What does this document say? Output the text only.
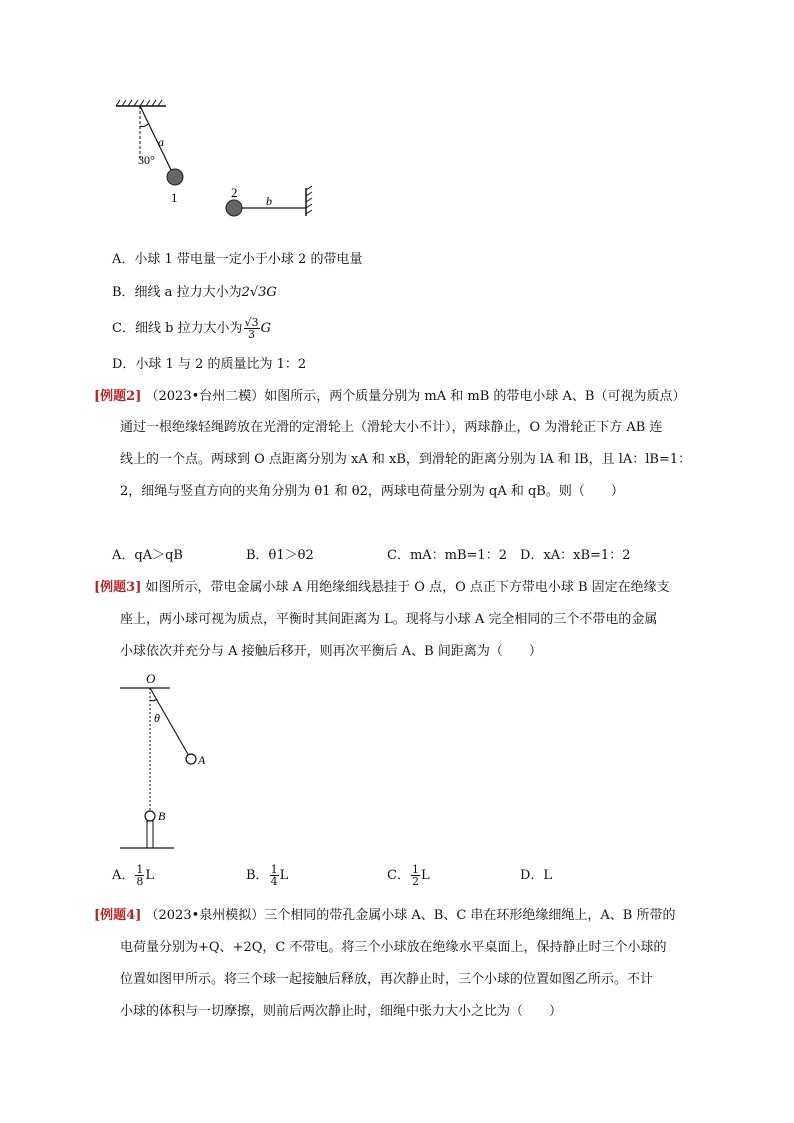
a
30°
1	2
b
A．小球 1 带电量一定小于小球 2 的带电量
B．细线 a 拉力大小为2√3G
C．细线 b 拉力大小为 $\frac{√3}{3}$ G
D．小球 1 与 2 的质量比为 1：2
[例题2] （2023•台州二模）如图所示，两个质量分别为 mA 和 mB 的带电小球 A、B（可视为质点）
通过一根绝缘轻绳跨放在光滑的定滑轮上（滑轮大小不计），两球静止，O 为滑轮正下方 AB 连
线上的一个点。两球到 O 点距离分别为 xA 和 xB，到滑轮的距离分别为 lA 和 lB，且 lA：lB=1：
2，细绳与竖直方向的夹角分别为 θ1 和 θ2，两球电荷量分别为 qA 和 qB。则（　　）
A．qA＞qB	B．θ1＞θ2	C．mA：mB=1：2 D．xA：xB=1：2
[例题3] 如图所示，带电金属小球 A 用绝缘细线悬挂于 O 点，O 点正下方带电小球 B 固定在绝缘支
座上，两小球可视为质点，平衡时其间距离为 L。现将与小球 A 完全相同的三个不带电的金属
小球依次并充分与 A 接触后移开，则再次平衡后 A、B 间距离为（　　）
O
θ
A
B
A． $\frac{1}{8}$ L	B． $\frac{1}{4}$ L	C． $\frac{1}{2}$ L	D．L
[例题4] （2023•泉州模拟）三个相同的带孔金属小球 A、B、C 串在环形绝缘细绳上，A、B 所带的
电荷量分别为+Q、+2Q，C 不带电。将三个小球放在绝缘水平桌面上，保持静止时三个小球的
位置如图甲所示。将三个球一起接触后释放，再次静止时，三个小球的位置如图乙所示。不计
小球的体积与一切摩擦，则前后两次静止时，细绳中张力大小之比为（　　）
